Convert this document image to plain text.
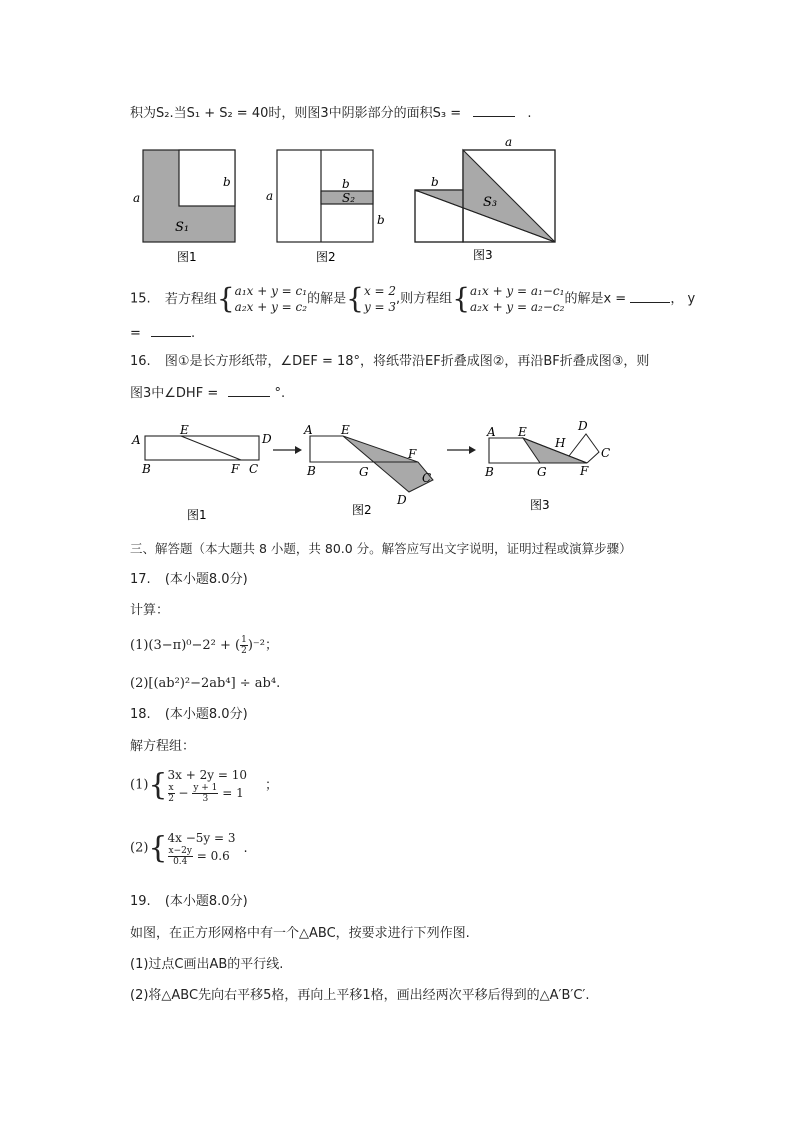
积为S₂.当S₁ + S₂ = 40时，则图3中阴影部分的面积S₃ =	.
a
b
S₁
图1
a
b
S₂
b
图2
a
b
S₃
图3
15. 若方程组{ a₁x + y = c₁
a₂x + y = c₂
的解是{ x = 2
y = 3
,则方程组{ a₁x + y = a₁−c₁
a₂x + y = a₂−c₂
的解是x =	， y
=	.
16. 图①是长方形纸带，∠DEF = 18°，将纸带沿EF折叠成图②，再沿BF折叠成图③，则
图3中∠DHF =	°.
A
B
E
F C
D
图1
A
B
E
G
F
C
D
图2
A
B
E
G
H
D
C
F
图3
三、解答题（本大题共 8 小题，共 80.0 分。解答应写出文字说明，证明过程或演算步骤）
17. (本小题8.0分)
计算：
(1)(3−π)⁰−2² + ( $\frac{1}{2} )^{-2}$；
(2)[(ab²)²−2ab⁴] ÷ ab⁴.
18. (本小题8.0分)
解方程组：
(1){ 3x + 2y = 10
$\frac{x}{2} - \frac{y + 1}{3} = 1$
；
(2){ 4x −5y = 3
$\frac{x-2y}{0.4} = 0.6$
.
19. (本小题8.0分)
如图，在正方形网格中有一个△ABC，按要求进行下列作图.
(1)过点C画出AB的平行线.
(2)将△ABC先向右平移5格，再向上平移1格，画出经两次平移后得到的△A′B′C′.
